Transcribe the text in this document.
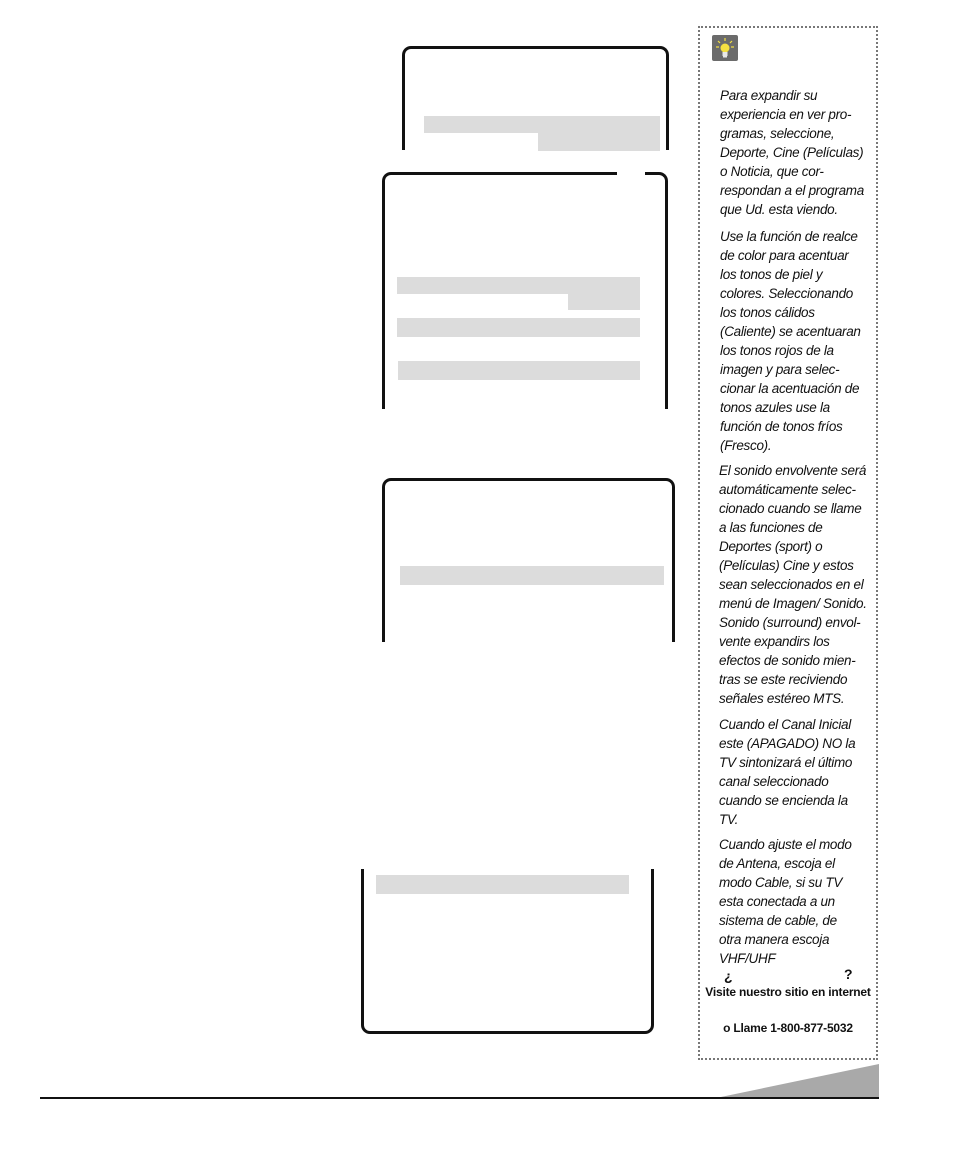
Para expandir su
experiencia en ver pro-
gramas, seleccione,
Deporte, Cine (Películas)
o Noticia, que cor-
respondan a el programa
que Ud. esta viendo.
Use la función de realce
de color para acentuar
los tonos de piel y
colores. Seleccionando
los tonos cálidos
(Caliente) se acentuaran
los tonos rojos de la
imagen y para selec-
cionar la acentuación de
tonos azules use la
función de tonos fríos
(Fresco).
El sonido envolvente será
automáticamente selec-
cionado cuando se llame
a las funciones de
Deportes (sport) o
(Películas) Cine y estos
sean seleccionados en el
menú de Imagen/ Sonido.
Sonido (surround) envol-
vente expandirs los
efectos de sonido mien-
tras se este reciviendo
señales estéreo MTS.
Cuando el Canal Inicial
este (APAGADO) NO la
TV sintonizará el último
canal seleccionado
cuando se encienda la
TV.
Cuando ajuste el modo
de Antena, escoja el
modo Cable, si su TV
esta conectada a un
sistema de cable, de
otra manera escoja
VHF/UHF
¿	?
Visite nuestro sitio en internet
o Llame 1-800-877-5032
